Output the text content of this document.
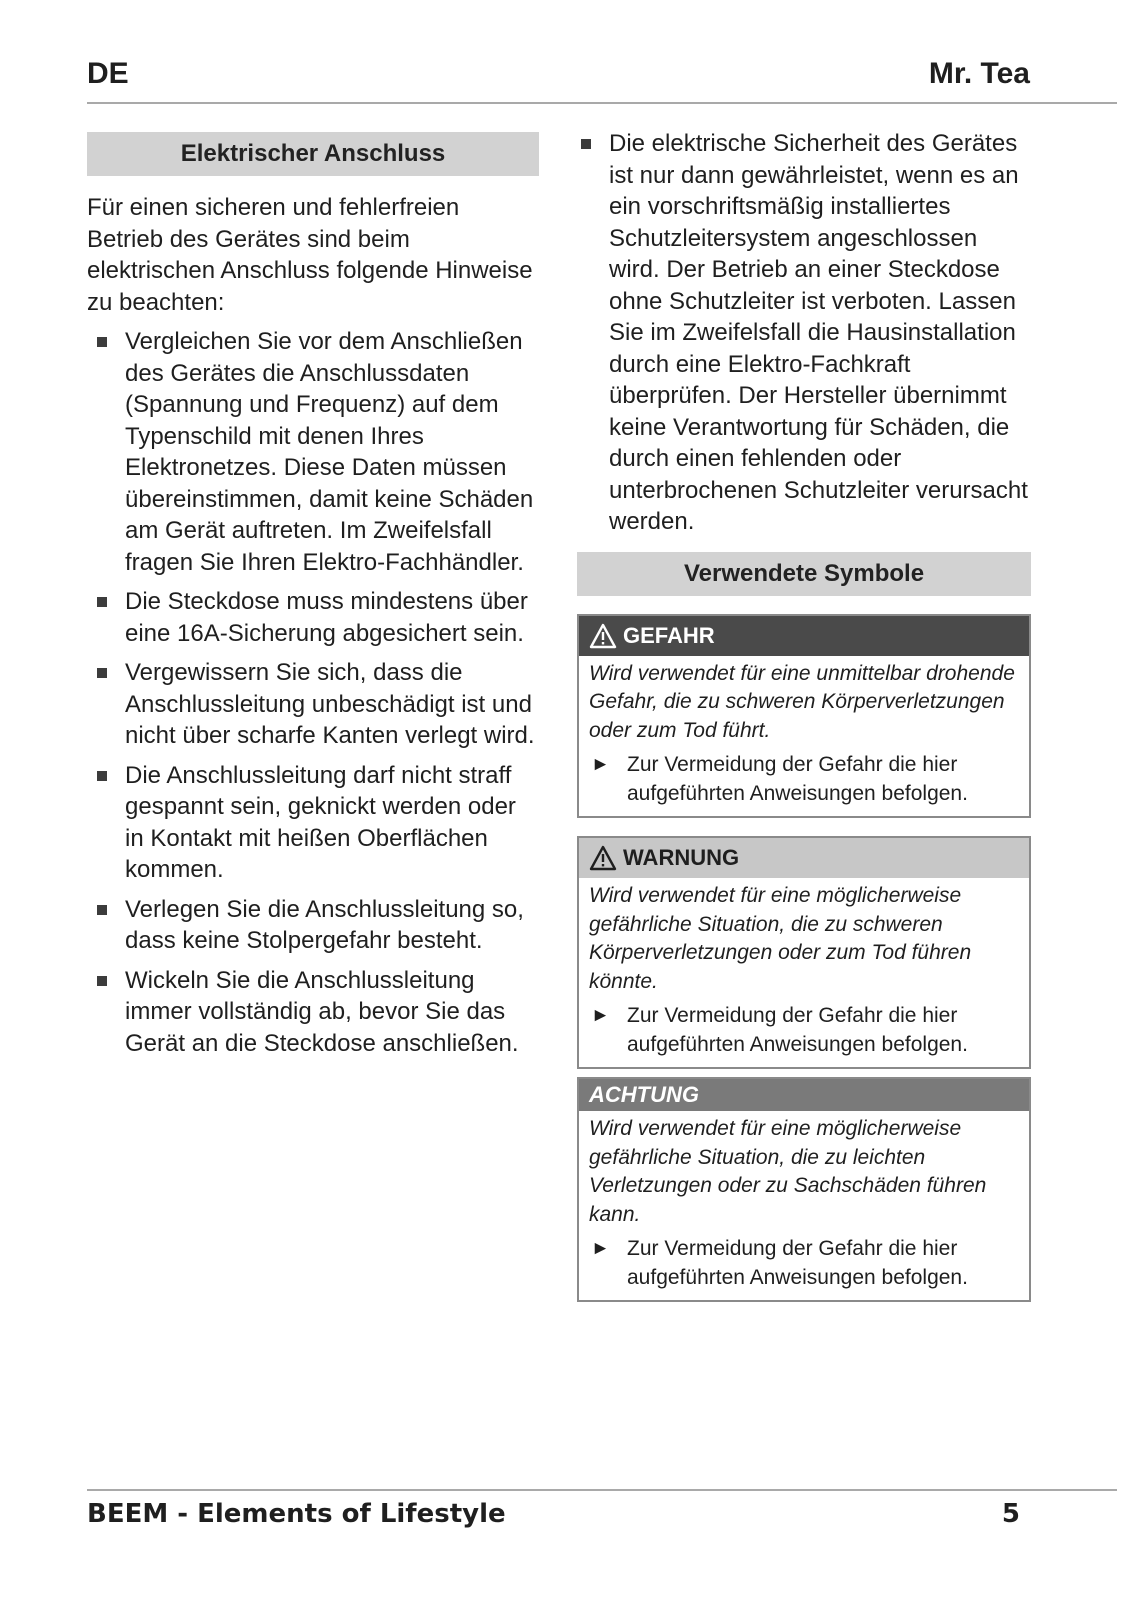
DE	Mr. Tea
Elektrischer Anschluss

Für einen sicheren und fehlerfreien Betrieb des Gerätes sind beim elektrischen Anschluss folgende Hinweise zu beachten:

Vergleichen Sie vor dem Anschließen des Gerätes die Anschlussdaten (Spannung und Frequenz) auf dem Typenschild mit denen Ihres Elektronetzes. Diese Daten müssen übereinstimmen, damit keine Schäden am Gerät auftreten. Im Zweifelsfall fragen Sie Ihren Elektro-Fachhändler.
Die Steckdose muss mindestens über eine 16A-Sicherung abgesichert sein.
Vergewissern Sie sich, dass die Anschlussleitung unbeschädigt ist und nicht über scharfe Kanten verlegt wird.
Die Anschlussleitung darf nicht straff gespannt sein, geknickt werden oder in Kontakt mit heißen Oberflächen kommen.
Verlegen Sie die Anschlussleitung so, dass keine Stolpergefahr besteht.
Wickeln Sie die Anschlussleitung immer vollständig ab, bevor Sie das Gerät an die Steckdose anschließen.
Die elektrische Sicherheit des Gerätes ist nur dann gewährleistet, wenn es an ein vorschriftsmäßig installiertes Schutzleitersystem angeschlossen wird. Der Betrieb an einer Steckdose ohne Schutzleiter ist verboten. Lassen Sie im Zweifelsfall die Hausinstallation durch eine Elektro-Fachkraft überprüfen. Der Hersteller übernimmt keine Verantwortung für Schäden, die durch einen fehlenden oder unterbrochenen Schutzleiter verursacht werden.
Verwendete Symbole
GEFAHR
Wird verwendet für eine unmittelbar drohende Gefahr, die zu schweren Körperverletzungen oder zum Tod führt.
► Zur Vermeidung der Gefahr die hier aufgeführten Anweisungen befolgen.
WARNUNG
Wird verwendet für eine möglicherweise gefährliche Situation, die zu schweren Körperverletzungen oder zum Tod führen könnte.
► Zur Vermeidung der Gefahr die hier aufgeführten Anweisungen befolgen.
ACHTUNG
Wird verwendet für eine möglicherweise gefährliche Situation, die zu leichten Verletzungen oder zu Sachschäden führen kann.
► Zur Vermeidung der Gefahr die hier aufgeführten Anweisungen befolgen.
BEEM - Elements of Lifestyle	5
